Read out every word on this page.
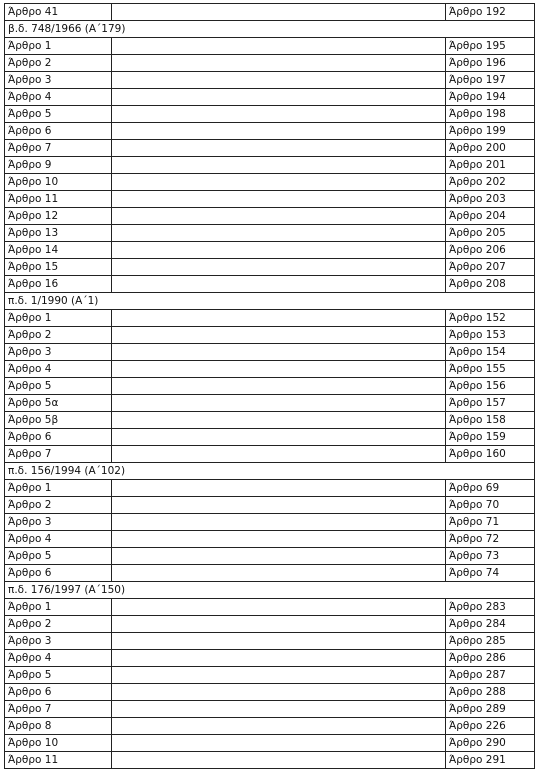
Άρθρο 41		Άρθρο 192
β.δ. 748/1966 (Α΄179)		
Άρθρο 1		Άρθρο 195
Άρθρο 2		Άρθρο 196
Άρθρο 3		Άρθρο 197
Άρθρο 4		Άρθρο 194
Άρθρο 5		Άρθρο 198
Άρθρο 6		Άρθρο 199
Άρθρο 7		Άρθρο 200
Άρθρο 9		Άρθρο 201
Άρθρο 10		Άρθρο 202
Άρθρο 11		Άρθρο 203
Άρθρο 12		Άρθρο 204
Άρθρο 13		Άρθρο 205
Άρθρο 14		Άρθρο 206
Άρθρο 15		Άρθρο 207
Άρθρο 16		Άρθρο 208
π.δ. 1/1990 (Α΄1)		
Άρθρο 1		Άρθρο 152
Άρθρο 2		Άρθρο 153
Άρθρο 3		Άρθρο 154
Άρθρο 4		Άρθρο 155
Άρθρο 5		Άρθρο 156
Άρθρο 5α		Άρθρο 157
Άρθρο 5β		Άρθρο 158
Άρθρο 6		Άρθρο 159
Άρθρο 7		Άρθρο 160
π.δ. 156/1994 (Α΄102)		
Άρθρο 1		Άρθρο 69
Άρθρο 2		Άρθρο 70
Άρθρο 3		Άρθρο 71
Άρθρο 4		Άρθρο 72
Άρθρο 5		Άρθρο 73
Άρθρο 6		Άρθρο 74
π.δ. 176/1997 (Α΄150)		
Άρθρο 1		Άρθρο 283
Άρθρο 2		Άρθρο 284
Άρθρο 3		Άρθρο 285
Άρθρο 4		Άρθρο 286
Άρθρο 5		Άρθρο 287
Άρθρο 6		Άρθρο 288
Άρθρο 7		Άρθρο 289
Άρθρο 8		Άρθρο 226
Άρθρο 10		Άρθρο 290
Άρθρο 11		Άρθρο 291
